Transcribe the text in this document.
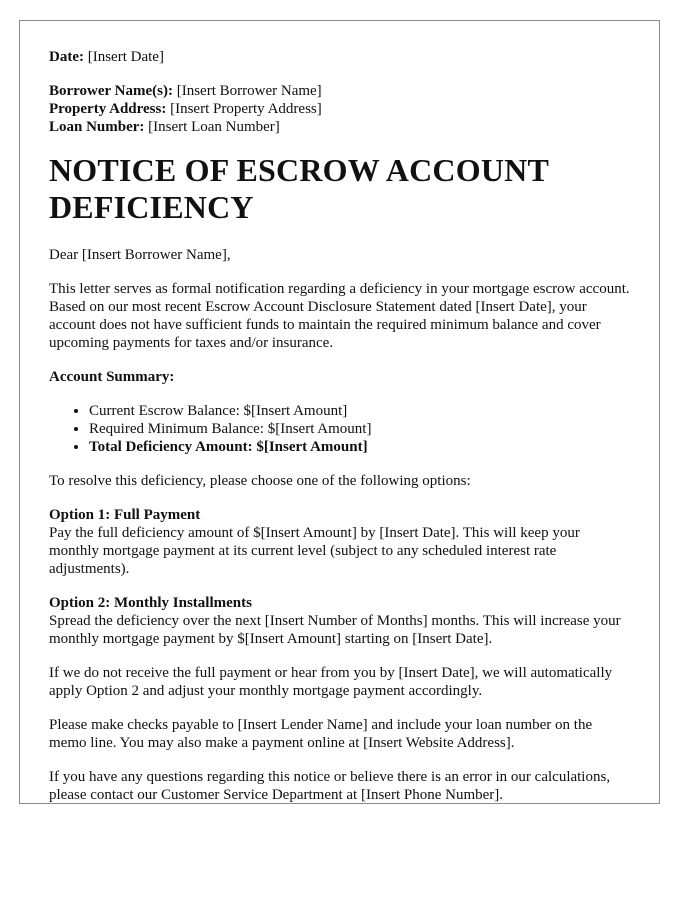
Date: [Insert Date]
Borrower Name(s): [Insert Borrower Name]
Property Address: [Insert Property Address]
Loan Number: [Insert Loan Number]
NOTICE OF ESCROW ACCOUNT DEFICIENCY

Dear [Insert Borrower Name],

This letter serves as formal notification regarding a deficiency in your mortgage escrow account. Based on our most recent Escrow Account Disclosure Statement dated [Insert Date], your account does not have sufficient funds to maintain the required minimum balance and cover upcoming payments for taxes and/or insurance.

Account Summary:

• Current Escrow Balance: $[Insert Amount]
• Required Minimum Balance: $[Insert Amount]
• Total Deficiency Amount: $[Insert Amount]

To resolve this deficiency, please choose one of the following options:

Option 1: Full Payment
Pay the full deficiency amount of $[Insert Amount] by [Insert Date]. This will keep your monthly mortgage payment at its current level (subject to any scheduled interest rate adjustments).

Option 2: Monthly Installments
Spread the deficiency over the next [Insert Number of Months] months. This will increase your monthly mortgage payment by $[Insert Amount] starting on [Insert Date].

If we do not receive the full payment or hear from you by [Insert Date], we will automatically apply Option 2 and adjust your monthly mortgage payment accordingly.

Please make checks payable to [Insert Lender Name] and include your loan number on the memo line. You may also make a payment online at [Insert Website Address].

If you have any questions regarding this notice or believe there is an error in our calculations, please contact our Customer Service Department at [Insert Phone Number].
